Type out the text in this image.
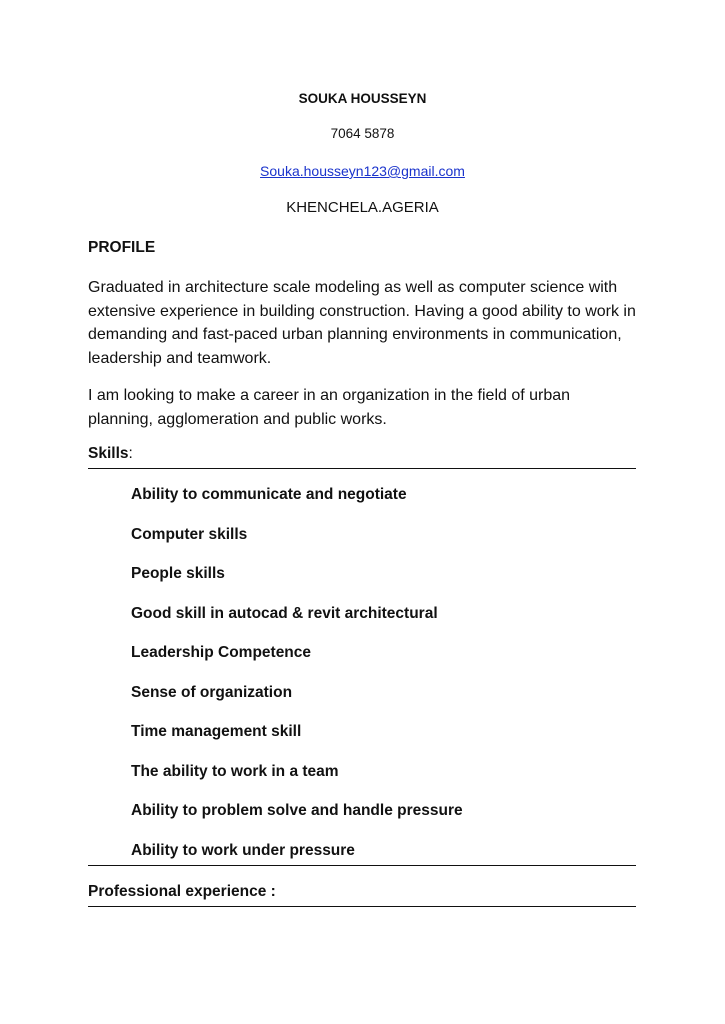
SOUKA HOUSSEYN
7064 5878
Souka.housseyn123@gmail.com
KHENCHELA.AGERIA
PROFILE
Graduated in architecture scale modeling as well as computer science with extensive experience in building construction. Having a good ability to work in demanding and fast-paced urban planning environments in communication, leadership and teamwork.
I am looking to make a career in an organization in the field of urban planning, agglomeration and public works.
Skills:
Ability to communicate and negotiate
Computer skills
People skills
Good skill in autocad & revit architectural
Leadership Competence
Sense of organization
Time management skill
The ability to work in a team
Ability to problem solve and handle pressure
Ability to work under pressure
Professional experience :
